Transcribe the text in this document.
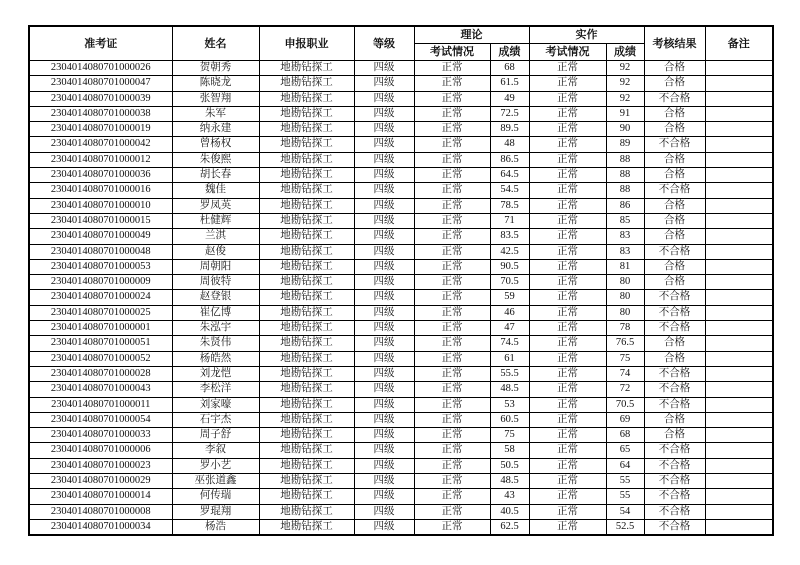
准考证	姓名	申报职业	等级	理论		实作		考核结果	备注
				考试情况	成绩	考试情况	成绩		
2304014080701000026	贺朝秀	地勘钻探工	四级	正常	68	正常	92	合格	
2304014080701000047	陈晓龙	地勘钻探工	四级	正常	61.5	正常	92	合格	
2304014080701000039	张智翔	地勘钻探工	四级	正常	49	正常	92	不合格	
2304014080701000038	朱军	地勘钻探工	四级	正常	72.5	正常	91	合格	
2304014080701000019	纳永建	地勘钻探工	四级	正常	89.5	正常	90	合格	
2304014080701000042	曾杨权	地勘钻探工	四级	正常	48	正常	89	不合格	
2304014080701000012	朱俊熙	地勘钻探工	四级	正常	86.5	正常	88	合格	
2304014080701000036	胡长春	地勘钻探工	四级	正常	64.5	正常	88	合格	
2304014080701000016	魏佳	地勘钻探工	四级	正常	54.5	正常	88	不合格	
2304014080701000010	罗凤英	地勘钻探工	四级	正常	78.5	正常	86	合格	
2304014080701000015	杜健辉	地勘钻探工	四级	正常	71	正常	85	合格	
2304014080701000049	兰淇	地勘钻探工	四级	正常	83.5	正常	83	合格	
2304014080701000048	赵俊	地勘钻探工	四级	正常	42.5	正常	83	不合格	
2304014080701000053	周朝阳	地勘钻探工	四级	正常	90.5	正常	81	合格	
2304014080701000009	周彼特	地勘钻探工	四级	正常	70.5	正常	80	合格	
2304014080701000024	赵登银	地勘钻探工	四级	正常	59	正常	80	不合格	
2304014080701000025	崔亿博	地勘钻探工	四级	正常	46	正常	80	不合格	
2304014080701000001	朱泓宇	地勘钻探工	四级	正常	47	正常	78	不合格	
2304014080701000051	朱贤伟	地勘钻探工	四级	正常	74.5	正常	76.5	合格	
2304014080701000052	杨皓然	地勘钻探工	四级	正常	61	正常	75	合格	
2304014080701000028	刘龙恺	地勘钻探工	四级	正常	55.5	正常	74	不合格	
2304014080701000043	李松洋	地勘钻探工	四级	正常	48.5	正常	72	不合格	
2304014080701000011	刘家嚎	地勘钻探工	四级	正常	53	正常	70.5	不合格	
2304014080701000054	石宇杰	地勘钻探工	四级	正常	60.5	正常	69	合格	
2304014080701000033	周子舒	地勘钻探工	四级	正常	75	正常	68	合格	
2304014080701000006	李叙	地勘钻探工	四级	正常	58	正常	65	不合格	
2304014080701000023	罗小艺	地勘钻探工	四级	正常	50.5	正常	64	不合格	
2304014080701000029	巫张道鑫	地勘钻探工	四级	正常	48.5	正常	55	不合格	
2304014080701000014	何传瑞	地勘钻探工	四级	正常	43	正常	55	不合格	
2304014080701000008	罗琨翔	地勘钻探工	四级	正常	40.5	正常	54	不合格	
2304014080701000034	杨浩	地勘钻探工	四级	正常	62.5	正常	52.5	不合格	
